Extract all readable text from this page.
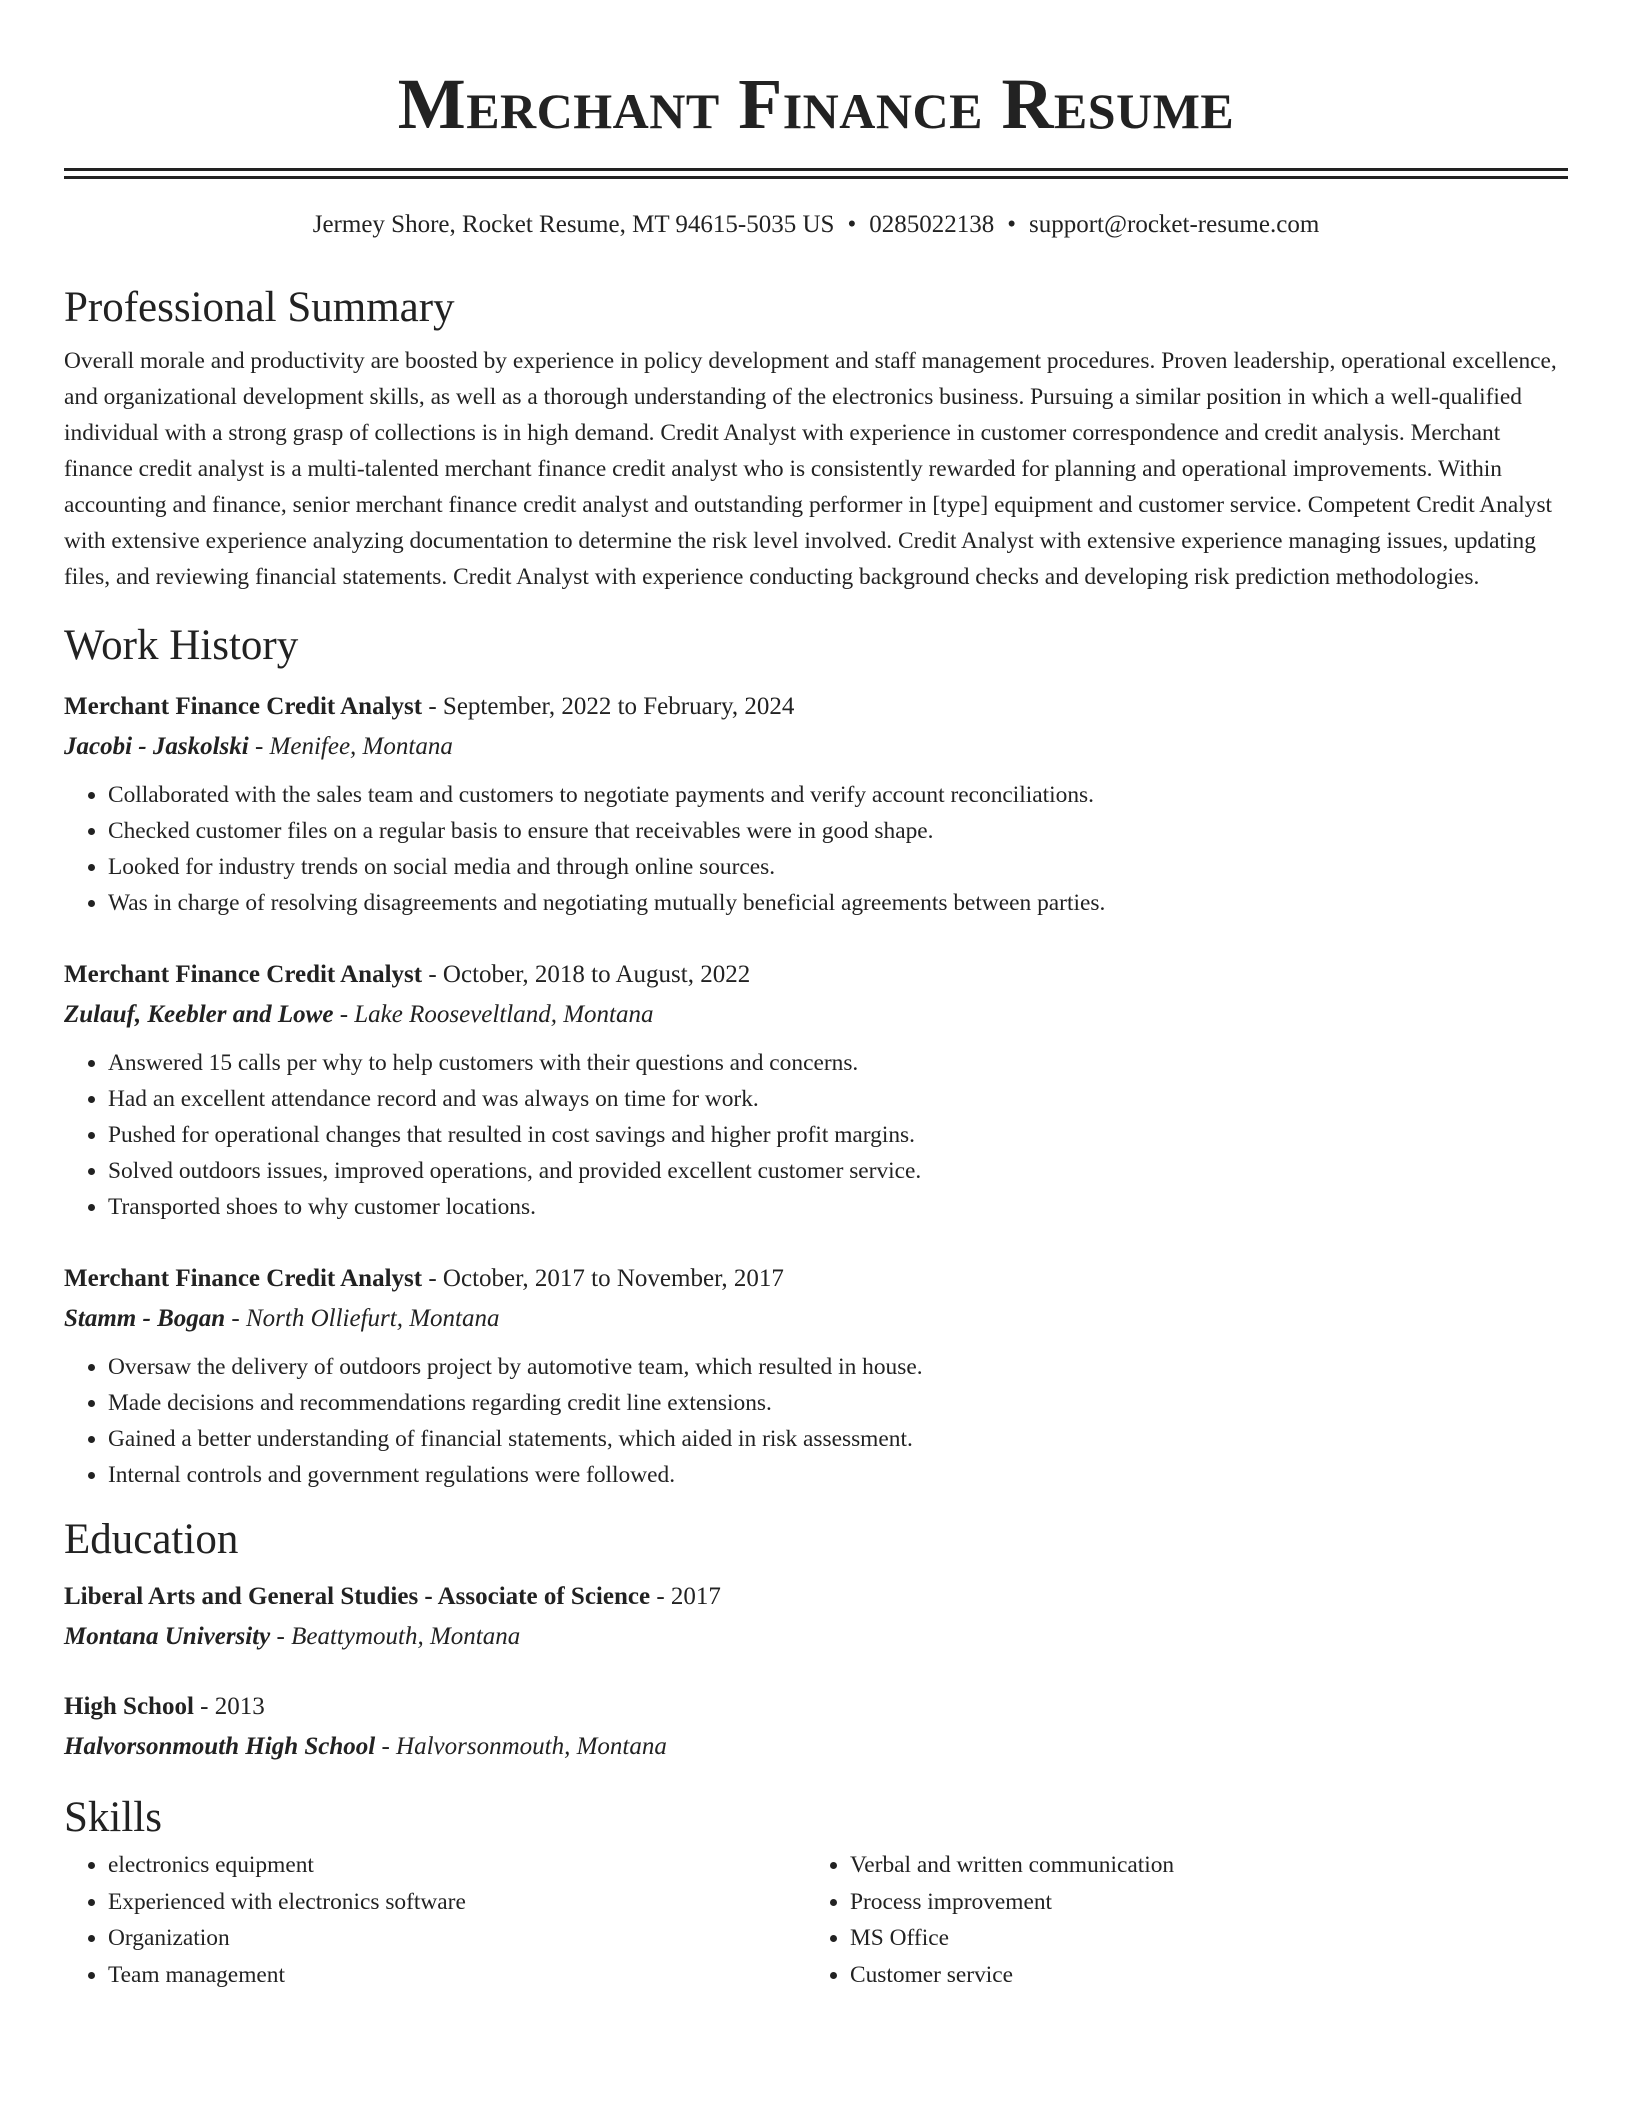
Merchant Finance Resume
Jermey Shore, Rocket Resume, MT 94615-5035 US • 0285022138 • support@rocket-resume.com
Professional Summary
Overall morale and productivity are boosted by experience in policy development and staff management procedures. Proven leadership, operational excellence, and organizational development skills, as well as a thorough understanding of the electronics business. Pursuing a similar position in which a well-qualified individual with a strong grasp of collections is in high demand. Credit Analyst with experience in customer correspondence and credit analysis. Merchant finance credit analyst is a multi-talented merchant finance credit analyst who is consistently rewarded for planning and operational improvements. Within accounting and finance, senior merchant finance credit analyst and outstanding performer in [type] equipment and customer service. Competent Credit Analyst with extensive experience analyzing documentation to determine the risk level involved. Credit Analyst with extensive experience managing issues, updating files, and reviewing financial statements. Credit Analyst with experience conducting background checks and developing risk prediction methodologies.
Work History
Merchant Finance Credit Analyst - September, 2022 to February, 2024
Jacobi - Jaskolski - Menifee, Montana
• Collaborated with the sales team and customers to negotiate payments and verify account reconciliations.
• Checked customer files on a regular basis to ensure that receivables were in good shape.
• Looked for industry trends on social media and through online sources.
• Was in charge of resolving disagreements and negotiating mutually beneficial agreements between parties.
Merchant Finance Credit Analyst - October, 2018 to August, 2022
Zulauf, Keebler and Lowe - Lake Rooseveltland, Montana
• Answered 15 calls per why to help customers with their questions and concerns.
• Had an excellent attendance record and was always on time for work.
• Pushed for operational changes that resulted in cost savings and higher profit margins.
• Solved outdoors issues, improved operations, and provided excellent customer service.
• Transported shoes to why customer locations.
Merchant Finance Credit Analyst - October, 2017 to November, 2017
Stamm - Bogan - North Olliefurt, Montana
• Oversaw the delivery of outdoors project by automotive team, which resulted in house.
• Made decisions and recommendations regarding credit line extensions.
• Gained a better understanding of financial statements, which aided in risk assessment.
• Internal controls and government regulations were followed.
Education
Liberal Arts and General Studies - Associate of Science - 2017
Montana University - Beattymouth, Montana
High School - 2013
Halvorsonmouth High School - Halvorsonmouth, Montana
Skills
• electronics equipment
• Experienced with electronics software
• Organization
• Team management
• Verbal and written communication
• Process improvement
• MS Office
• Customer service
